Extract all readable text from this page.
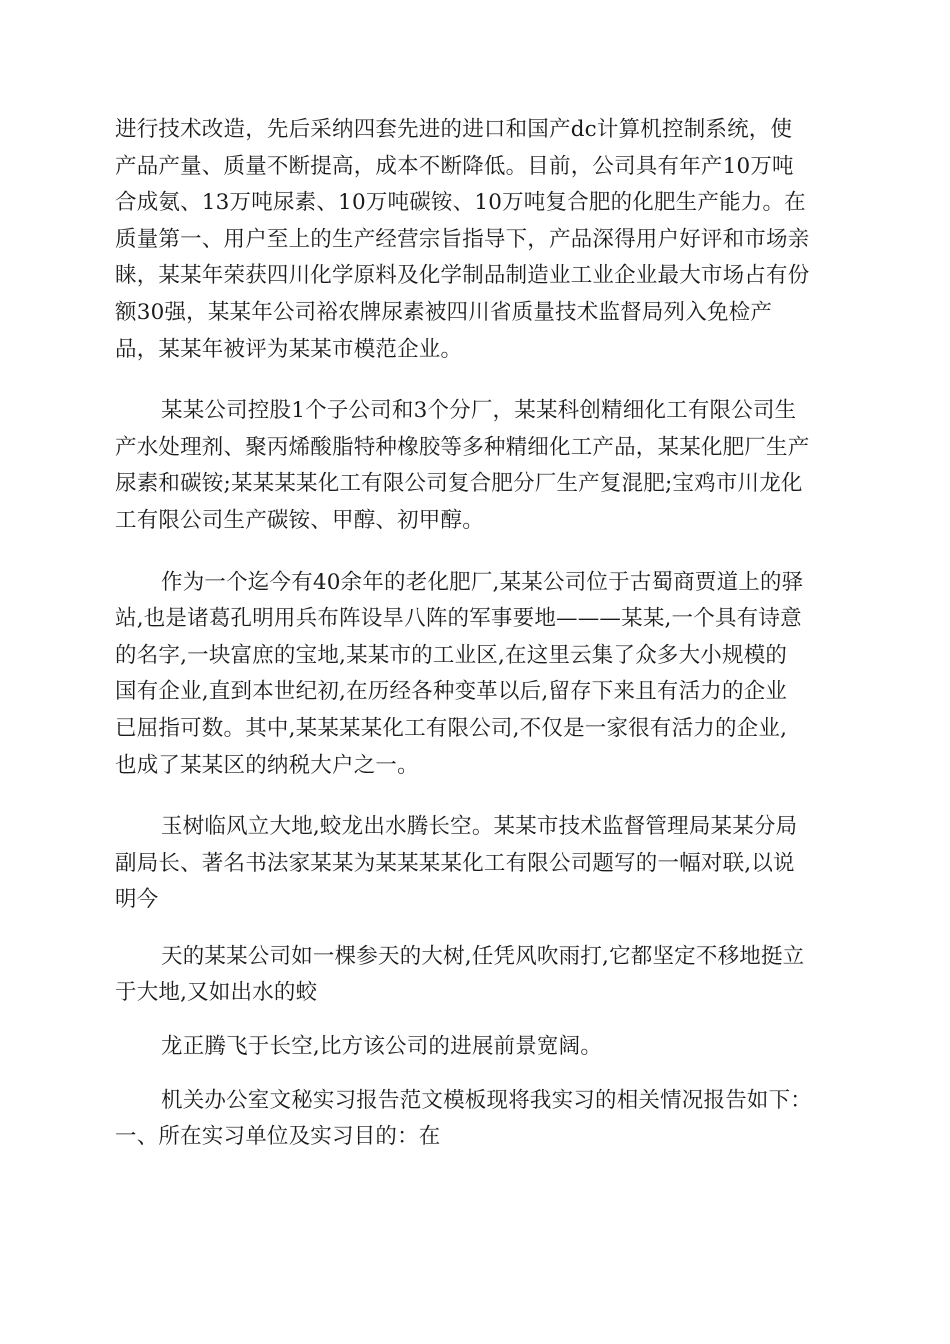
进行技术改造，先后采纳四套先进的进口和国产dc计算机控制系统，使
产品产量、质量不断提高，成本不断降低。目前，公司具有年产10万吨
合成氨、13万吨尿素、10万吨碳铵、10万吨复合肥的化肥生产能力。在
质量第一、用户至上的生产经营宗旨指导下，产品深得用户好评和市场亲
睐，某某年荣获四川化学原料及化学制品制造业工业企业最大市场占有份
额30强，某某年公司裕农牌尿素被四川省质量技术监督局列入免检产
品，某某年被评为某某市模范企业。

某某公司控股1个子公司和3个分厂，某某科创精细化工有限公司生
产水处理剂、聚丙烯酸脂特种橡胶等多种精细化工产品，某某化肥厂生产
尿素和碳铵;某某某某化工有限公司复合肥分厂生产复混肥;宝鸡市川龙化
工有限公司生产碳铵、甲醇、初甲醇。

作为一个迄今有40余年的老化肥厂,某某公司位于古蜀商贾道上的驿
站,也是诸葛孔明用兵布阵设旱八阵的军事要地———某某,一个具有诗意
的名字,一块富庶的宝地,某某市的工业区,在这里云集了众多大小规模的
国有企业,直到本世纪初,在历经各种变革以后,留存下来且有活力的企业
已屈指可数。其中,某某某某化工有限公司,不仅是一家很有活力的企业,
也成了某某区的纳税大户之一。

玉树临风立大地,蛟龙出水腾长空。某某市技术监督管理局某某分局
副局长、著名书法家某某为某某某某化工有限公司题写的一幅对联,以说
明今

天的某某公司如一棵参天的大树,任凭风吹雨打,它都坚定不移地挺立
于大地,又如出水的蛟

龙正腾飞于长空,比方该公司的进展前景宽阔。

机关办公室文秘实习报告范文模板现将我实习的相关情况报告如下：
一、所在实习单位及实习目的：在
